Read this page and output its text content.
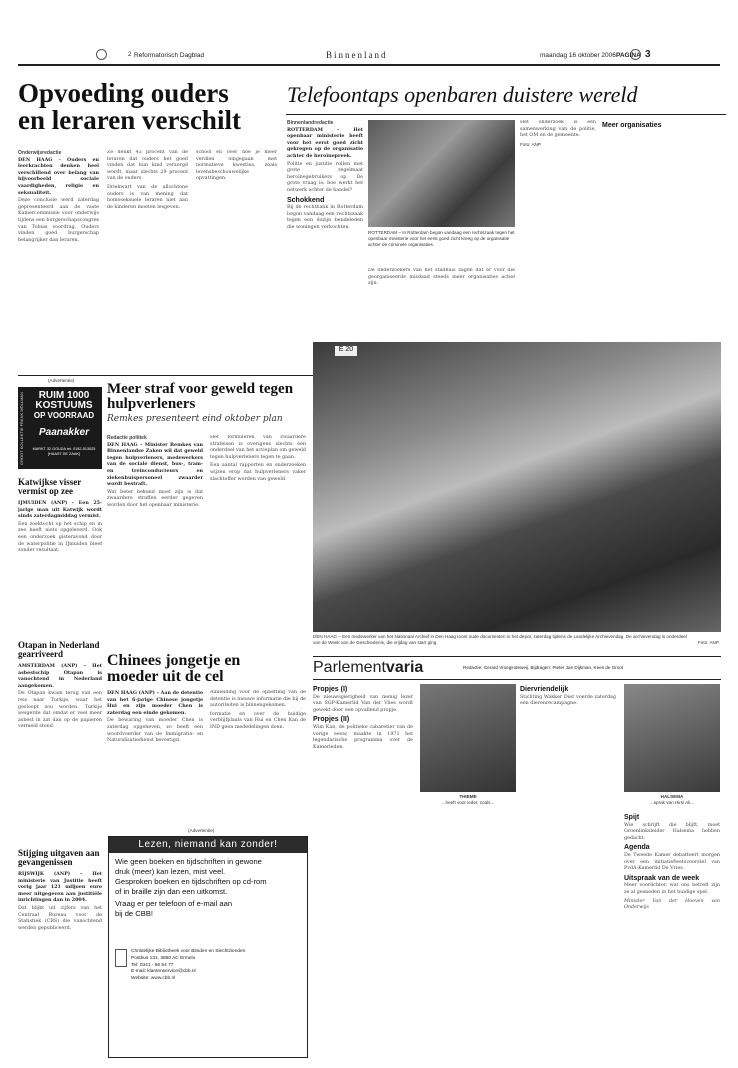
2 Reformatorisch Dagblad	Binnenland	maandag 16 oktober 2006 PAGINA 3
Opvoeding ouders
en leraren verschilt
Onderwijsredactie

DEN HAAG – Ouders en leerkrachten denken heel verschillend over belang van bijvoorbeeld sociale vaardigheden, religie en seksualiteit.

Deze conclusie werd zaterdag gepresenteerd aan de vaste Kamercommissie voor onderwijs tijdens een burgerschapscongres van Tobias voordrag. Ouders vinden goed burgerschap belangrijker dan leraren.

Ze denkt 43 procent van de leraren dat ouders het goed vinden dat hun kind verzorgd wordt, maar slechts 29 procent van de ouders.

Driekwart van de allochtone ouders is van mening dat homoseksuele leraren niet aan de kinderen moeten lesgeven.

school en over hoe je meer verdien omgegaan met normatieve kwesties, zoals levensbeschouwelijke opvattingen.

Telefoontaps openbaren duistere wereld
Binnenlandredactie

ROTTERDAM – Het openbaar ministerie heeft voor het eerst goed zicht gekregen op de organisatie achter de heroïnepreek.

Politie en justitie rollen met grote regelmaat heroïnegebruikers op. De grote vraag is: hoe werkt het netwerk achter de handel?

Schokkend

Bij de rechtbank in Rotterdam begon vandaag een rechtszaak tegen een dozijn bendeleden die woningen verkochten.

ROTTERDAM – In Rotterdam begon vandaag een rechtszaak tegen het openbaar ministerie voor het eerst goed zicht kreeg op de organisatie achter de criminele organisaties.

De onderzoekers van het stadhuis zagen dat er voor die georganiseerde misdaad steeds meer organisaties actief zijn.

Het onderzoek is een samenwerking van de politie, het OM en de gemeente.

Foto: ANP
Meer organisaties
(Advertentie)
GROOT KOLLEKTIE FRANK MÖLLMAN	RUIM 1000
KOSTUUMS
OP VOORRAAD
Paanakker
MARKT 32 GOUDA tel. 0182-513025 [HAAST DE ZAAK]
Katwijkse visser vermist op zee

IJMUIDEN (ANP) – Een 25-jarige man uit Katwijk wordt sinds zaterdagmiddag vermist.

Een zoektocht op het schip en in zee heeft niets opgeleverd. Ook een onderzoek gisteravond door de waterpolitie in IJmuiden bleef zonder resultaat.

Otapan in Nederland gearriveerd

AMSTERDAM (ANP) – Het asbestschip Otapan is vanochtend in Nederland aangekomen.

De Otapan kwam terug van een reis naar Turkije, waar het gesloopt zou worden. Turkije weigerde dat omdat er veel meer asbest in zat dan op de papieren vermeld stond.

Stijging uitgaven aan gevangenissen

RIJSWIJK (ANP) – Het ministerie van Justitie heeft vorig jaar 121 miljoen euro meer uitgegeven aan justitiële inrichtingen dan in 2004.

Dat blijkt uit cijfers van het Centraal Bureau voor de Statistiek (CBS) die vanochtend werden gepubliceerd.

Meer straf voor geweld tegen hulpverleners
Remkes presenteert eind oktober plan
Redactie politiek

DEN HAAG – Minister Remkes van Binnenlandse Zaken wil dat geweld tegen hulpverleners, medewerkers van de sociale dienst, bus-, tram- en treinconducteurs en ziekenhuispersoneel zwaarder wordt bestraft.

Wat beter bekend moet zijn is dat zwaardere straffen eerder gegeven worden door het openbaar ministerie.

Het formuleren van zwaardere strafeisen is overigens slechts één onderdeel van het actieplan om geweld tegen hulpverleners tegen te gaan.

Een aantal rapporten en onderzoeken wijzen erop dat hulpverleners vaker slachtoffer worden van geweld.

E 20
DEN HAAG – Een medewerker van het Nationaal Archief in Den Haag toont oude documenten in het depot, zaterdag tijdens de Landelijke Archievendag. De archievendag is onderdeel van de Week van de Geschiedenis, die vrijdag van start ging.	Foto: ANP
Chinees jongetje en
moeder uit de cel

DEN HAAG (ANP) – Aan de detentie van het 6-jarige Chinese jongetje Hui en zijn moeder Chen is zaterdag een einde gekomen.

De bewaring van moeder Chen is zaterdag opgeheven, zo heeft een woordvoerder van de Immigratie- en Naturalisatiedienst bevestigd.

Aanleiding voor de opheffing van de detentie is nieuwe informatie die bij de autoriteiten is binnengekomen.

formatie en over de huidige verblijfplaats van Hui en Chen Kan de IND geen mededelingen doen.

(Advertentie)
Lezen, niemand kan zonder!
Wie geen boeken en tijdschriften in gewone
druk (meer) kan lezen, mist veel.
Gesproken boeken en tijdschriften op cd-rom
of in braille zijn dan een uitkomst.
Vraag er per telefoon of e-mail aan
bij de CBB!
Christelijke Bibliotheek voor Blinden en Slechtzienden
Postbus 131, 3850 AC Ermelo
Tel: 0341 - 56 54 77
E-mail: klantenservice@cbb.nl
Website: www.cbb.nl
Parlementvaria	Redactie: Gerard Vroegindeweij. Bijdragen: Pieter Jan Dijkman, Kees de Groot
Propjes (I)

De nieuwsgierigheid van menig lezer van SGP-Kamerlid Van der Vlies wordt gewekt door een opvallend propje.

Propjes (II)

Wim Kan, de politieke cabaretier van de vorige eeuw, maakte in 1971 het legendarische programma over de Kamerleden.

THIEME
...heeft voor ieder, zoals...
Diervriendelijk

Stichting Wakker Dier voerde zaterdag een dierenrecampagne.

HALSEMA
...sprak van Hirsi Ali...
Spijt

Wie schrijft die blijft, moet Groenlinksleider Halsema hebben gedacht.

Agenda

De Tweede Kamer debatteert morgen over een initiatiefwetsvoorstel van PvdA-Kamerlid De Vries.

Uitspraak van de week

Meer voorlichter, wat ons betreft zijn ze al gesneden in het huidige spel.

Minister Van der Hoeven van Onderwijs
